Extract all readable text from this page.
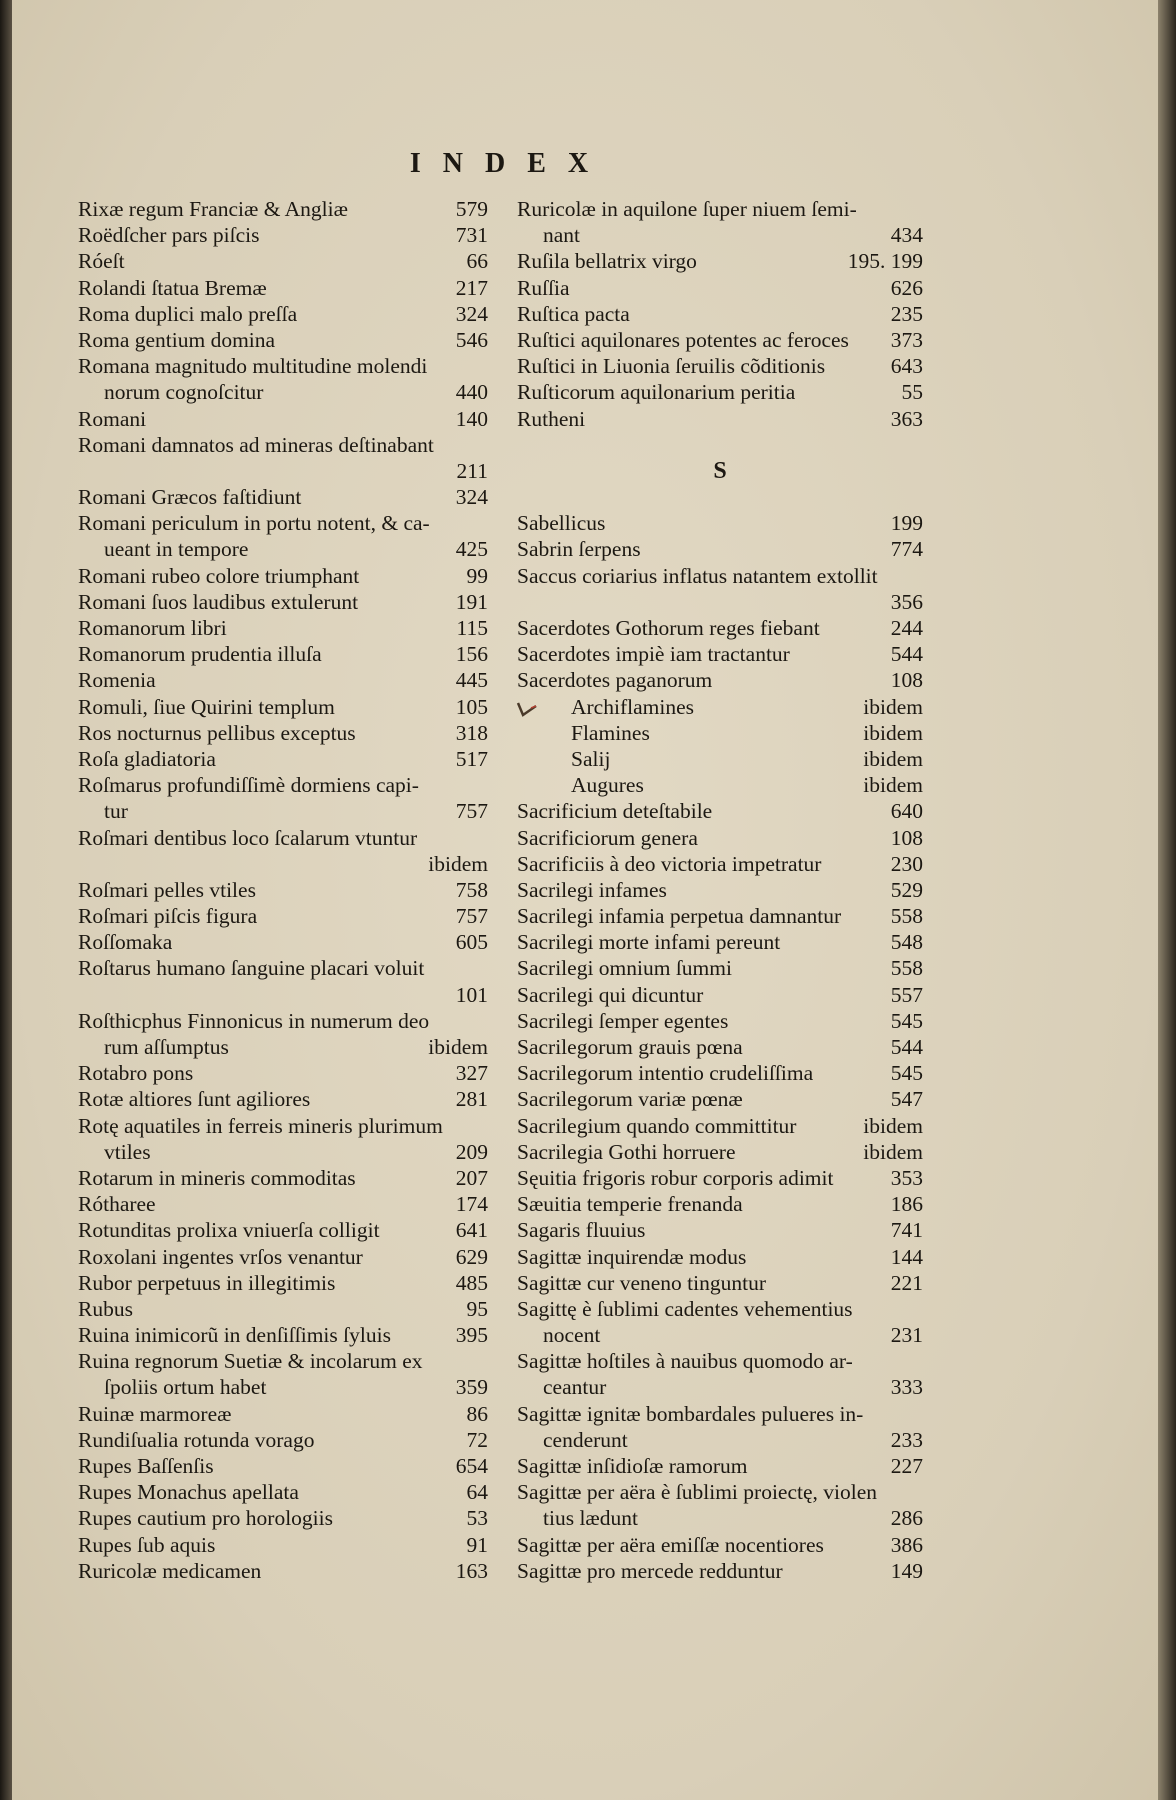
INDEX
Rixæ regum Franciæ & Angliæ	579
Roëdſcher pars piſcis	731
Róeſt	66
Rolandi ſtatua Bremæ	217
Roma duplici malo preſſa	324
Roma gentium domina	546
Romana magnitudo multitudine molendi
norum cognoſcitur	440
Romani	140
Romani damnatos ad mineras deſtinabant
211
Romani Græcos faſtidiunt	324
Romani periculum in portu notent, & ca-
ueant in tempore	425
Romani rubeo colore triumphant	99
Romani ſuos laudibus extulerunt	191
Romanorum libri	115
Romanorum prudentia illuſa	156
Romenia	445
Romuli, ſiue Quirini templum	105
Ros nocturnus pellibus exceptus	318
Roſa gladiatoria	517
Roſmarus profundiſſimè dormiens capi-
tur	757
Roſmari dentibus loco ſcalarum vtuntur
ibidem
Roſmari pelles vtiles	758
Roſmari piſcis figura	757
Roſſomaka	605
Roſtarus humano ſanguine placari voluit
101
Roſthicphus Finnonicus in numerum deo
rum aſſumptus	ibidem
Rotabro pons	327
Rotæ altiores ſunt agiliores	281
Rotę aquatiles in ferreis mineris plurimum
vtiles	209
Rotarum in mineris commoditas	207
Rótharee	174
Rotunditas prolixa vniuerſa colligit	641
Roxolani ingentes vrſos venantur	629
Rubor perpetuus in illegitimis	485
Rubus	95
Ruina inimicorũ in denſiſſimis ſyluis	395
Ruina regnorum Suetiæ & incolarum ex
ſpoliis ortum habet	359
Ruinæ marmoreæ	86
Rundiſualia rotunda vorago	72
Rupes Baſſenſis	654
Rupes Monachus apellata	64
Rupes cautium pro horologiis	53
Rupes ſub aquis	91
Ruricolæ medicamen	163
Ruricolæ in aquilone ſuper niuem ſemi-
nant	434
Ruſila bellatrix virgo	195. 199
Ruſſia	626
Ruſtica pacta	235
Ruſtici aquilonares potentes ac feroces 373
Ruſtici in Liuonia ſeruilis cõditionis	643
Ruſticorum aquilonarium peritia	55
Rutheni	363
S
Sabellicus	199
Sabrin ſerpens	774
Saccus coriarius inflatus natantem extollit
356
Sacerdotes Gothorum reges fiebant	244
Sacerdotes impiè iam tractantur	544
Sacerdotes paganorum	108
Archiflamines	ibidem
Flamines	ibidem
Salij	ibidem
Augures	ibidem
Sacrificium deteſtabile	640
Sacrificiorum genera	108
Sacrificiis à deo victoria impetratur	230
Sacrilegi infames	529
Sacrilegi infamia perpetua damnantur 558
Sacrilegi morte infami pereunt	548
Sacrilegi omnium ſummi	558
Sacrilegi qui dicuntur	557
Sacrilegi ſemper egentes	545
Sacrilegorum grauis pœna	544
Sacrilegorum intentio crudeliſſima	545
Sacrilegorum variæ pœnæ	547
Sacrilegium quando committitur	ibidem
Sacrilegia Gothi horruere	ibidem
Sęuitia frigoris robur corporis adimit	353
Sæuitia temperie frenanda	186
Sagaris fluuius	741
Sagittæ inquirendæ modus	144
Sagittæ cur veneno tinguntur	221
Sagittę è ſublimi cadentes vehementius
nocent	231
Sagittæ hoſtiles à nauibus quomodo ar-
ceantur	333
Sagittæ ignitæ bombardales pulueres in-
cenderunt	233
Sagittæ inſidioſæ ramorum	227
Sagittæ per aëra è ſublimi proiectę, violen
tius lædunt	286
Sagittæ per aëra emiſſæ nocentiores	386
Sagittæ pro mercede redduntur	149
